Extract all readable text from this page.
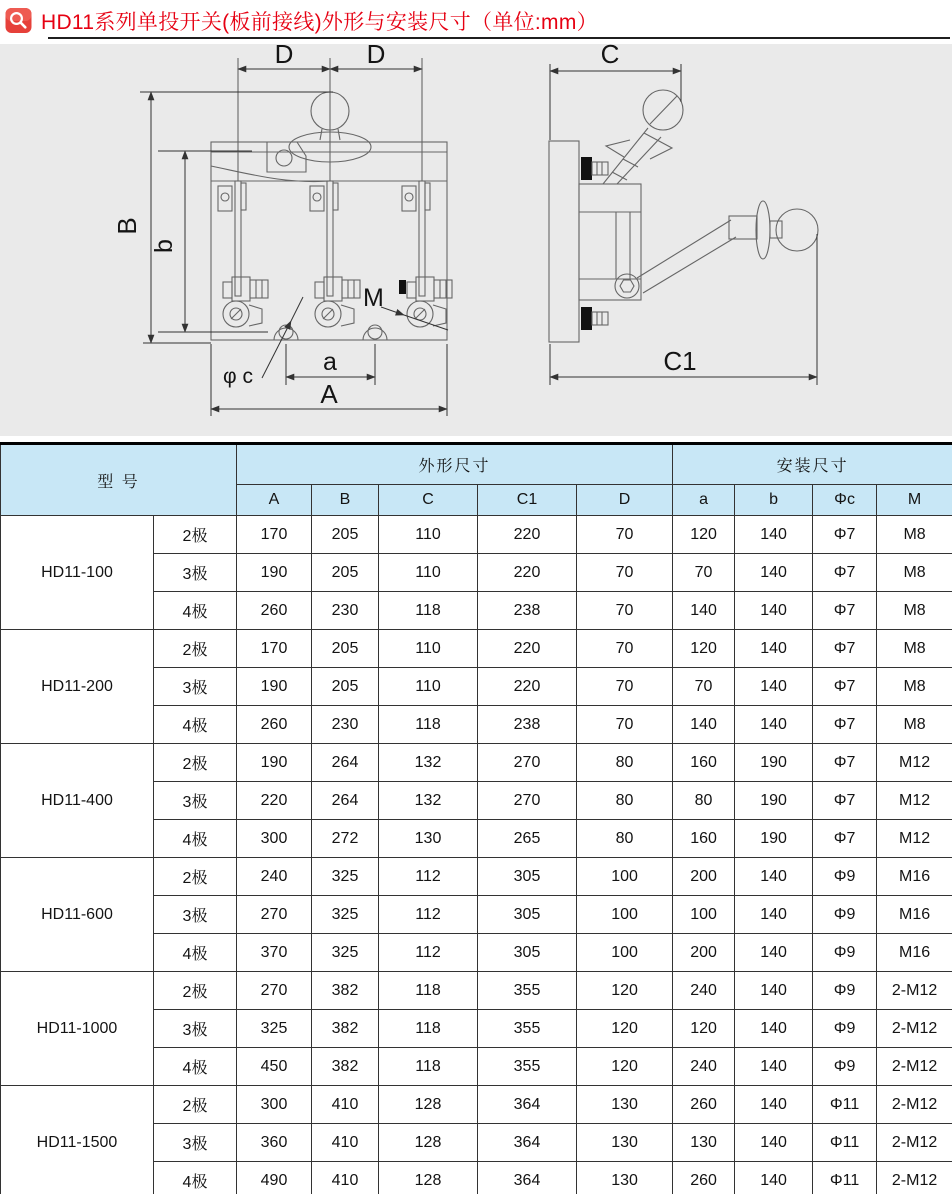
HD11系列单投开关(板前接线)外形与安装尺寸（单位:mm）
D	D
B
b
a
A
φ c
M
C
C1
型 号		外形尺寸					安装尺寸			
		A	B	C	C1	D	a	b	Φc	M
HD11-100	2极	170	205	110	220	70	120	140	Φ7	M8
	3极	190	205	110	220	70	70	140	Φ7	M8
	4极	260	230	118	238	70	140	140	Φ7	M8
HD11-200	2极	170	205	110	220	70	120	140	Φ7	M8
	3极	190	205	110	220	70	70	140	Φ7	M8
	4极	260	230	118	238	70	140	140	Φ7	M8
HD11-400	2极	190	264	132	270	80	160	190	Φ7	M12
	3极	220	264	132	270	80	80	190	Φ7	M12
	4极	300	272	130	265	80	160	190	Φ7	M12
HD11-600	2极	240	325	112	305	100	200	140	Φ9	M16
	3极	270	325	112	305	100	100	140	Φ9	M16
	4极	370	325	112	305	100	200	140	Φ9	M16
HD11-1000	2极	270	382	118	355	120	240	140	Φ9	2-M12
	3极	325	382	118	355	120	120	140	Φ9	2-M12
	4极	450	382	118	355	120	240	140	Φ9	2-M12
HD11-1500	2极	300	410	128	364	130	260	140	Φ11	2-M12
	3极	360	410	128	364	130	130	140	Φ11	2-M12
	4极	490	410	128	364	130	260	140	Φ11	2-M12
